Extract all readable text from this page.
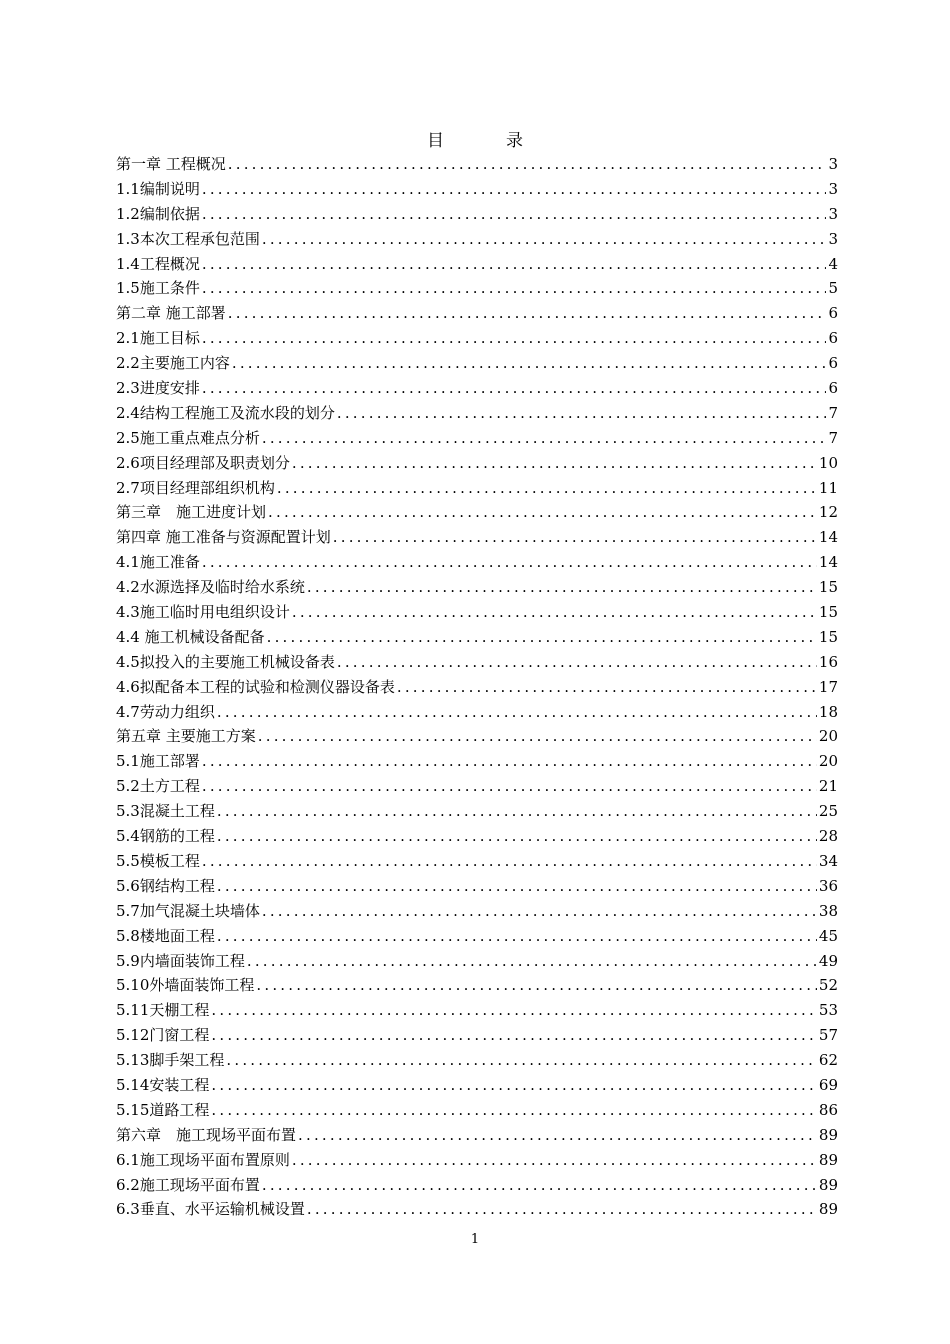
目录
第一章 工程概况 .....	3
1.1编制说明 .....	3
1.2编制依据 .....	3
1.3本次工程承包范围 .....	3
1.4工程概况 .....	4
1.5施工条件 .....	5
第二章 施工部署 .....	6
2.1施工目标 .....	6
2.2主要施工内容 .....	6
2.3进度安排 .....	6
2.4结构工程施工及流水段的划分 .....	7
2.5施工重点难点分析 .....	7
2.6项目经理部及职责划分 .....	10
2.7项目经理部组织机构 .....	11
第三章　施工进度计划 .....	12
第四章 施工准备与资源配置计划 .....	14
4.1施工准备 .....	14
4.2水源选择及临时给水系统 .....	15
4.3施工临时用电组织设计 .....	15
4.4 施工机械设备配备 .....	15
4.5拟投入的主要施工机械设备表 .....	16
4.6拟配备本工程的试验和检测仪器设备表 .....	17
4.7劳动力组织 .....	18
第五章 主要施工方案 .....	20
5.1施工部署 .....	20
5.2土方工程 .....	21
5.3混凝土工程 .....	25
5.4钢筋的工程 .....	28
5.5模板工程 .....	34
5.6钢结构工程 .....	36
5.7加气混凝土块墙体 .....	38
5.8楼地面工程 .....	45
5.9内墙面装饰工程 .....	49
5.10外墙面装饰工程 .....	52
5.11天棚工程 .....	53
5.12门窗工程 .....	57
5.13脚手架工程 .....	62
5.14安装工程 .....	69
5.15道路工程 .....	86
第六章　施工现场平面布置 .....	89
6.1施工现场平面布置原则 .....	89
6.2施工现场平面布置 .....	89
6.3垂直、水平运输机械设置 .....	89
1
